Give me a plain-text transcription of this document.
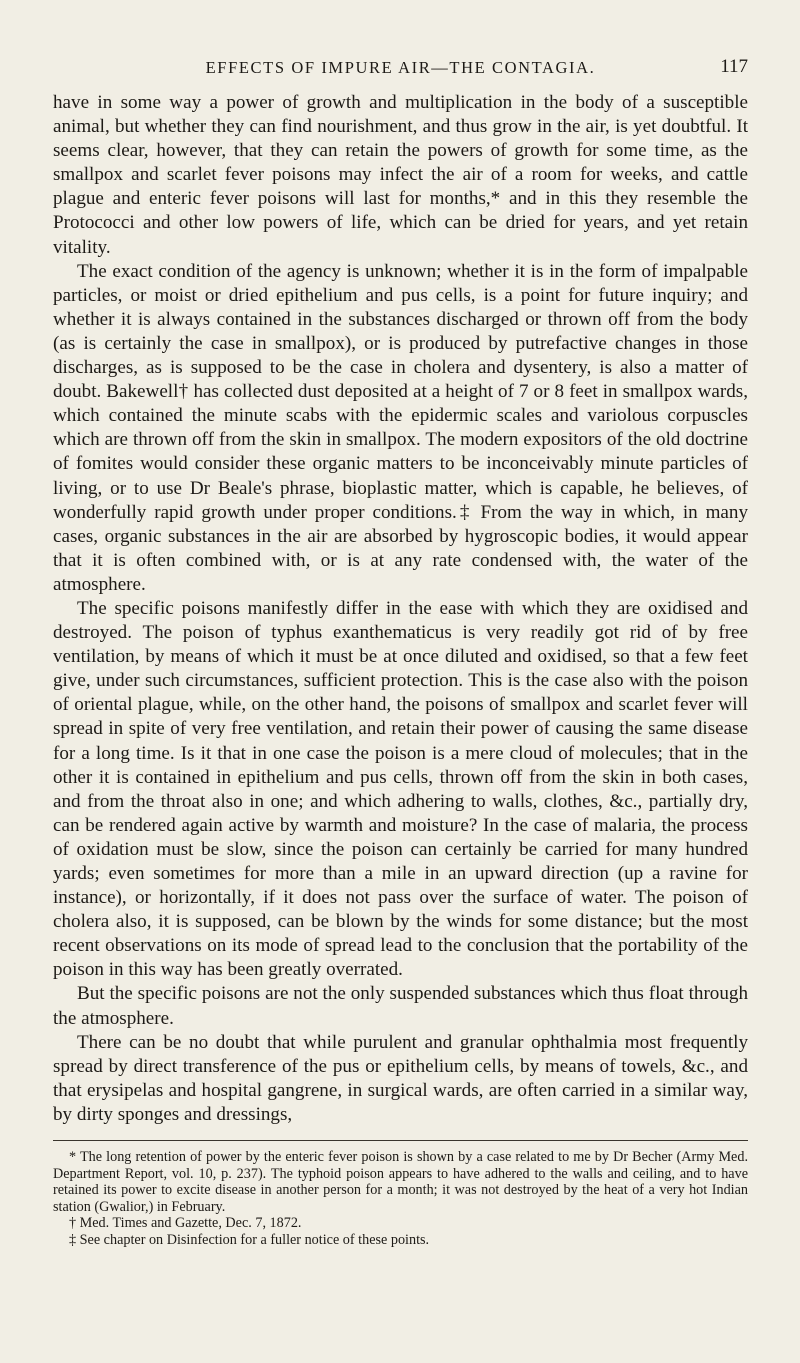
EFFECTS OF IMPURE AIR—THE CONTAGIA.	117

have in some way a power of growth and multiplication in the body of a susceptible animal, but whether they can find nourishment, and thus grow in the air, is yet doubtful. It seems clear, however, that they can retain the powers of growth for some time, as the smallpox and scarlet fever poisons may infect the air of a room for weeks, and cattle plague and enteric fever poisons will last for months,* and in this they resemble the Protococci and other low powers of life, which can be dried for years, and yet retain vitality.

The exact condition of the agency is unknown; whether it is in the form of impalpable particles, or moist or dried epithelium and pus cells, is a point for future inquiry; and whether it is always contained in the substances discharged or thrown off from the body (as is certainly the case in smallpox), or is produced by putrefactive changes in those discharges, as is supposed to be the case in cholera and dysentery, is also a matter of doubt. Bakewell† has collected dust deposited at a height of 7 or 8 feet in smallpox wards, which contained the minute scabs with the epidermic scales and variolous corpuscles which are thrown off from the skin in smallpox. The modern expositors of the old doctrine of fomites would consider these organic matters to be inconceivably minute particles of living, or to use Dr Beale's phrase, bioplastic matter, which is capable, he believes, of wonderfully rapid growth under proper conditions.‡ From the way in which, in many cases, organic substances in the air are absorbed by hygroscopic bodies, it would appear that it is often combined with, or is at any rate condensed with, the water of the atmosphere.

The specific poisons manifestly differ in the ease with which they are oxidised and destroyed. The poison of typhus exanthematicus is very readily got rid of by free ventilation, by means of which it must be at once diluted and oxidised, so that a few feet give, under such circumstances, sufficient protection. This is the case also with the poison of oriental plague, while, on the other hand, the poisons of smallpox and scarlet fever will spread in spite of very free ventilation, and retain their power of causing the same disease for a long time. Is it that in one case the poison is a mere cloud of molecules; that in the other it is contained in epithelium and pus cells, thrown off from the skin in both cases, and from the throat also in one; and which adhering to walls, clothes, &c., partially dry, can be rendered again active by warmth and moisture? In the case of malaria, the process of oxidation must be slow, since the poison can certainly be carried for many hundred yards; even sometimes for more than a mile in an upward direction (up a ravine for instance), or horizontally, if it does not pass over the surface of water. The poison of cholera also, it is supposed, can be blown by the winds for some distance; but the most recent observations on its mode of spread lead to the conclusion that the portability of the poison in this way has been greatly overrated.

But the specific poisons are not the only suspended substances which thus float through the atmosphere.

There can be no doubt that while purulent and granular ophthalmia most frequently spread by direct transference of the pus or epithelium cells, by means of towels, &c., and that erysipelas and hospital gangrene, in surgical wards, are often carried in a similar way, by dirty sponges and dressings,

* The long retention of power by the enteric fever poison is shown by a case related to me by Dr Becher (Army Med. Department Report, vol. 10, p. 237). The typhoid poison appears to have adhered to the walls and ceiling, and to have retained its power to excite disease in another person for a month; it was not destroyed by the heat of a very hot Indian station (Gwalior,) in February.

† Med. Times and Gazette, Dec. 7, 1872.

‡ See chapter on Disinfection for a fuller notice of these points.
